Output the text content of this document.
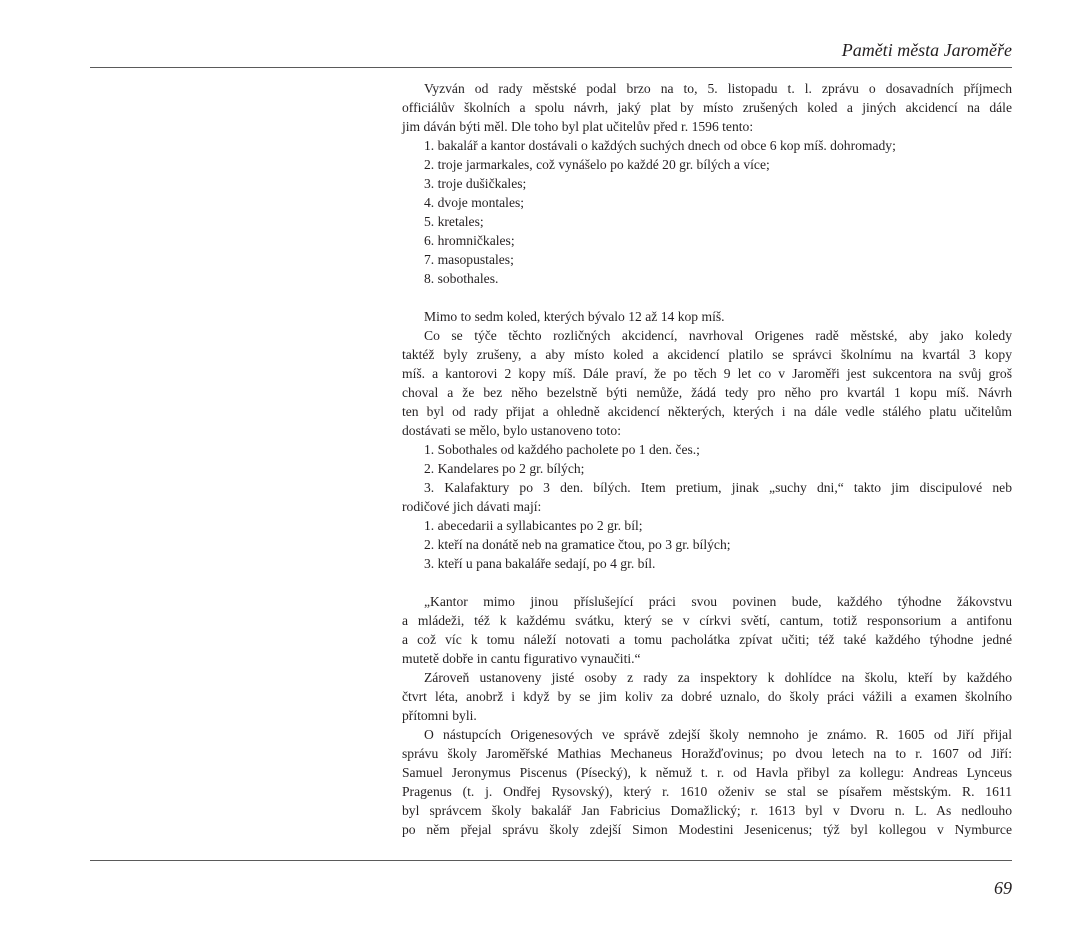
Paměti města Jaroměře
Vyzván od rady městské podal brzo na to, 5. listopadu t. l. zprávu o dosavadních příjmech
officiálův školních a spolu návrh, jaký plat by místo zrušených koled a jiných akcidencí na dále
jim dáván býti měl. Dle toho byl plat učitelův před r. 1596 tento:
1. bakalář a kantor dostávali o každých suchých dnech od obce 6 kop míš. dohromady;
2. troje jarmarkales, což vynášelo po každé 20 gr. bílých a více;
3. troje dušičkales;
4. dvoje montales;
5. kretales;
6. hromničkales;
7. masopustales;
8. sobothales.
Mimo to sedm koled, kterých bývalo 12 až 14 kop míš.
Co se týče těchto rozličných akcidencí, navrhoval Origenes radě městské, aby jako koledy
taktéž byly zrušeny, a aby místo koled a akcidencí platilo se správci školnímu na kvartál 3 kopy
míš. a kantorovi 2 kopy míš. Dále praví, že po těch 9 let co v Jaroměři jest sukcentora na svůj groš
choval a že bez něho bezelstně býti nemůže, žádá tedy pro něho pro kvartál 1 kopu míš. Návrh
ten byl od rady přijat a ohledně akcidencí některých, kterých i na dále vedle stálého platu učitelům
dostávati se mělo, bylo ustanoveno toto:
1. Sobothales od každého pacholete po 1 den. čes.;
2. Kandelares po 2 gr. bílých;
3. Kalafaktury po 3 den. bílých. Item pretium, jinak „suchy dni,“ takto jim discipulové neb
rodičové jich dávati mají:
1. abecedarii a syllabicantes po 2 gr. bíl;
2. kteří na donátě neb na gramatice čtou, po 3 gr. bílých;
3. kteří u pana bakaláře sedají, po 4 gr. bíl.
„Kantor mimo jinou příslušející práci svou povinen bude, každého týhodne žákovstvu
a mládeži, též k každému svátku, který se v církvi světí, cantum, totiž responsorium a antifonu
a což víc k tomu náleží notovati a tomu pacholátka zpívat učiti; též také každého týhodne jedné
mutetě dobře in cantu figurativo vynaučiti.“
Zároveň ustanoveny jisté osoby z rady za inspektory k dohlídce na školu, kteří by každého
čtvrt léta, anobrž i když by se jim koliv za dobré uznalo, do školy práci vážili a examen školního
přítomni byli.
O nástupcích Origenesových ve správě zdejší školy nemnoho je známo. R. 1605 od Jiří přijal
správu školy Jaroměřské Mathias Mechaneus Horažďovinus; po dvou letech na to r. 1607 od Jiří:
Samuel Jeronymus Piscenus (Písecký), k němuž t. r. od Havla přibyl za kollegu: Andreas Lynceus
Pragenus (t. j. Ondřej Rysovský), který r. 1610 oženiv se stal se písařem městským. R. 1611
byl správcem školy bakalář Jan Fabricius Domažlický; r. 1613 byl v Dvoru n. L. As nedlouho
po něm přejal správu školy zdejší Simon Modestini Jesenicenus; týž byl kollegou v Nymburce
69
